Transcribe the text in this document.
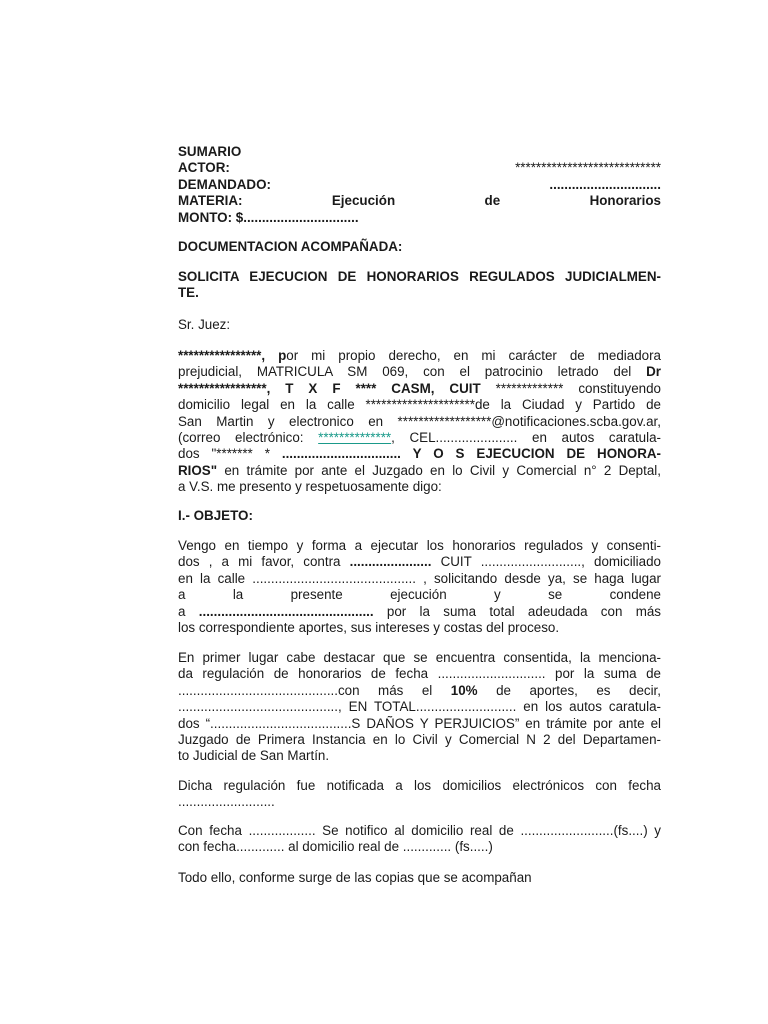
SUMARIO
ACTOR: ****************************
DEMANDADO: ..............................
MATERIA: Ejecución de Honorarios
MONTO: $...............................
DOCUMENTACION ACOMPAÑADA:
SOLICITA EJECUCION DE HONORARIOS REGULADOS JUDICIALMEN-
TE.
Sr. Juez:
****************, por mi propio derecho, en mi carácter de mediadora
prejudicial, MATRICULA SM 069, con el patrocinio letrado del Dr
*****************, T X F **** CASM, CUIT ************* constituyendo
domicilio legal en la calle *********************de la Ciudad y Partido de
San Martin y electronico en ******************@notificaciones.scba.gov.ar,
(correo electrónico: **************, CEL...................... en autos caratula-
dos "******* * ................................ Y O S EJECUCION DE HONORA-
RIOS" en trámite por ante el Juzgado en lo Civil y Comercial n° 2 Deptal,
a V.S. me presento y respetuosamente digo:
I.- OBJETO:
Vengo en tiempo y forma a ejecutar los honorarios regulados y consenti-
dos , a mi favor, contra ...................... CUIT ..........................., domiciliado
en la calle ............................................ , solicitando desde ya, se haga lugar
a la presente ejecución y se condene
a ............................................... por la suma total adeudada con más
los correspondiente aportes, sus intereses y costas del proceso.
En primer lugar cabe destacar que se encuentra consentida, la menciona-
da regulación de honorarios de fecha ............................. por la suma de
...........................................con más el 10% de aportes, es decir,
..........................................., EN TOTAL........................... en los autos caratula-
dos “......................................S DAÑOS Y PERJUICIOS” en trámite por ante el
Juzgado de Primera Instancia en lo Civil y Comercial N 2 del Departamen-
to Judicial de San Martín.
Dicha regulación fue notificada a los domicilios electrónicos con fecha
..........................
Con fecha .................. Se notifico al domicilio real de .........................(fs....) y
con fecha............. al domicilio real de ............. (fs.....)
Todo ello, conforme surge de las copias que se acompañan
